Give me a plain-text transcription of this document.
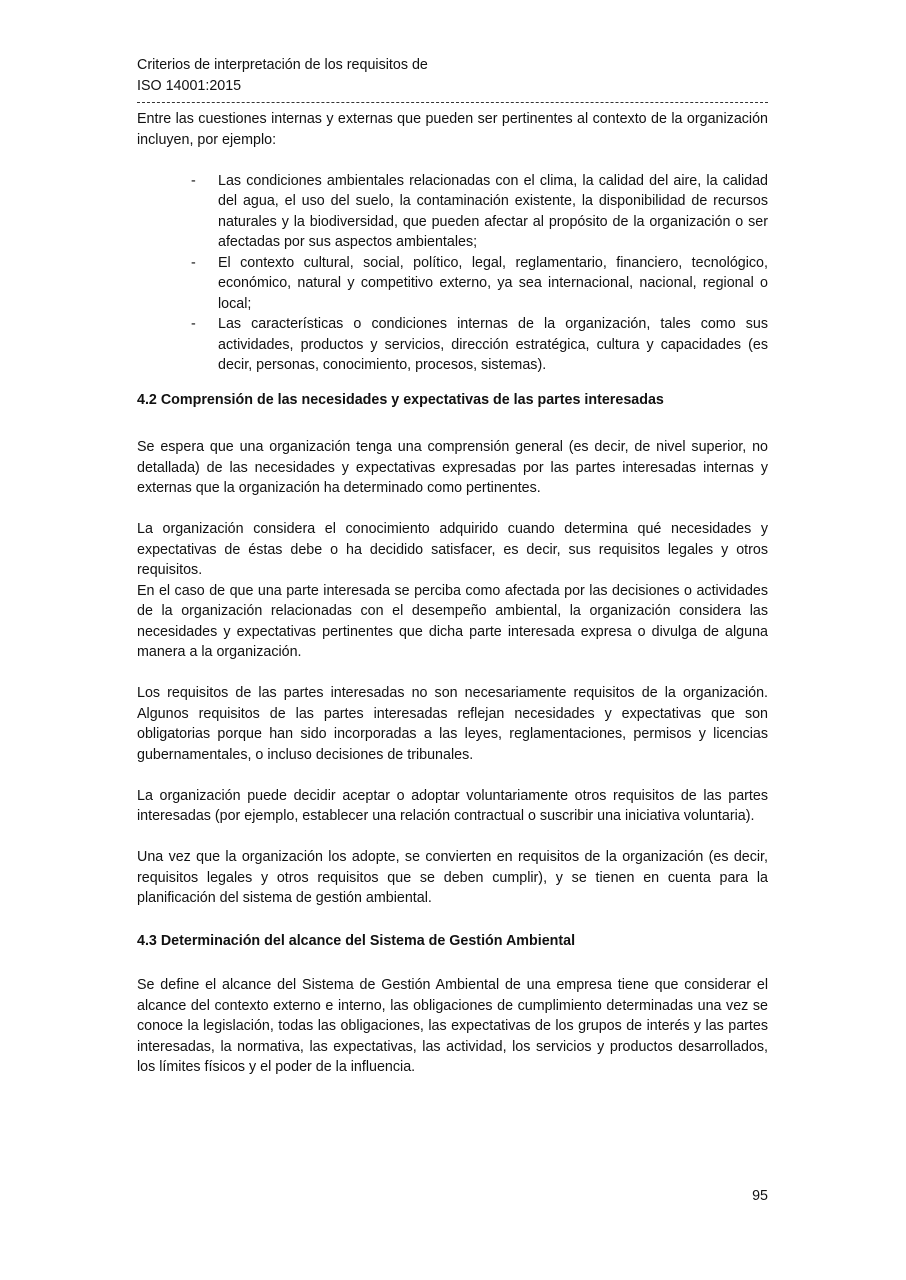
Criterios de interpretación de los requisitos de
ISO 14001:2015

Entre las cuestiones internas y externas que pueden ser pertinentes al contexto de la organización incluyen, por ejemplo:

- Las condiciones ambientales relacionadas con el clima, la calidad del aire, la calidad del agua, el uso del suelo, la contaminación existente, la disponibilidad de recursos naturales y la biodiversidad, que pueden afectar al propósito de la organización o ser afectadas por sus aspectos ambientales;
- El contexto cultural, social, político, legal, reglamentario, financiero, tecnológico, económico, natural y competitivo externo, ya sea internacional, nacional, regional o local;
- Las características o condiciones internas de la organización, tales como sus actividades, productos y servicios, dirección estratégica, cultura y capacidades (es decir, personas, conocimiento, procesos, sistemas).
4.2 Comprensión de las necesidades y expectativas de las partes interesadas

Se espera que una organización tenga una comprensión general (es decir, de nivel superior, no detallada) de las necesidades y expectativas expresadas por las partes interesadas internas y externas que la organización ha determinado como pertinentes.

La organización considera el conocimiento adquirido cuando determina qué necesidades y expectativas de éstas debe o ha decidido satisfacer, es decir, sus requisitos legales y otros requisitos.

En el caso de que una parte interesada se perciba como afectada por las decisiones o actividades de la organización relacionadas con el desempeño ambiental, la organización considera las necesidades y expectativas pertinentes que dicha parte interesada expresa o divulga de alguna manera a la organización.

Los requisitos de las partes interesadas no son necesariamente requisitos de la organización. Algunos requisitos de las partes interesadas reflejan necesidades y expectativas que son obligatorias porque han sido incorporadas a las leyes, reglamentaciones, permisos y licencias gubernamentales, o incluso decisiones de tribunales.

La organización puede decidir aceptar o adoptar voluntariamente otros requisitos de las partes interesadas (por ejemplo, establecer una relación contractual o suscribir una iniciativa voluntaria).

Una vez que la organización los adopte, se convierten en requisitos de la organización (es decir, requisitos legales y otros requisitos que se deben cumplir), y se tienen en cuenta para la planificación del sistema de gestión ambiental.

4.3 Determinación del alcance del Sistema de Gestión Ambiental

Se define el alcance del Sistema de Gestión Ambiental de una empresa tiene que considerar el alcance del contexto externo e interno, las obligaciones de cumplimiento determinadas una vez se conoce la legislación, todas las obligaciones, las expectativas de los grupos de interés y las partes interesadas, la normativa, las expectativas, las actividad, los servicios y productos desarrollados, los límites físicos y el poder de la influencia.

95
